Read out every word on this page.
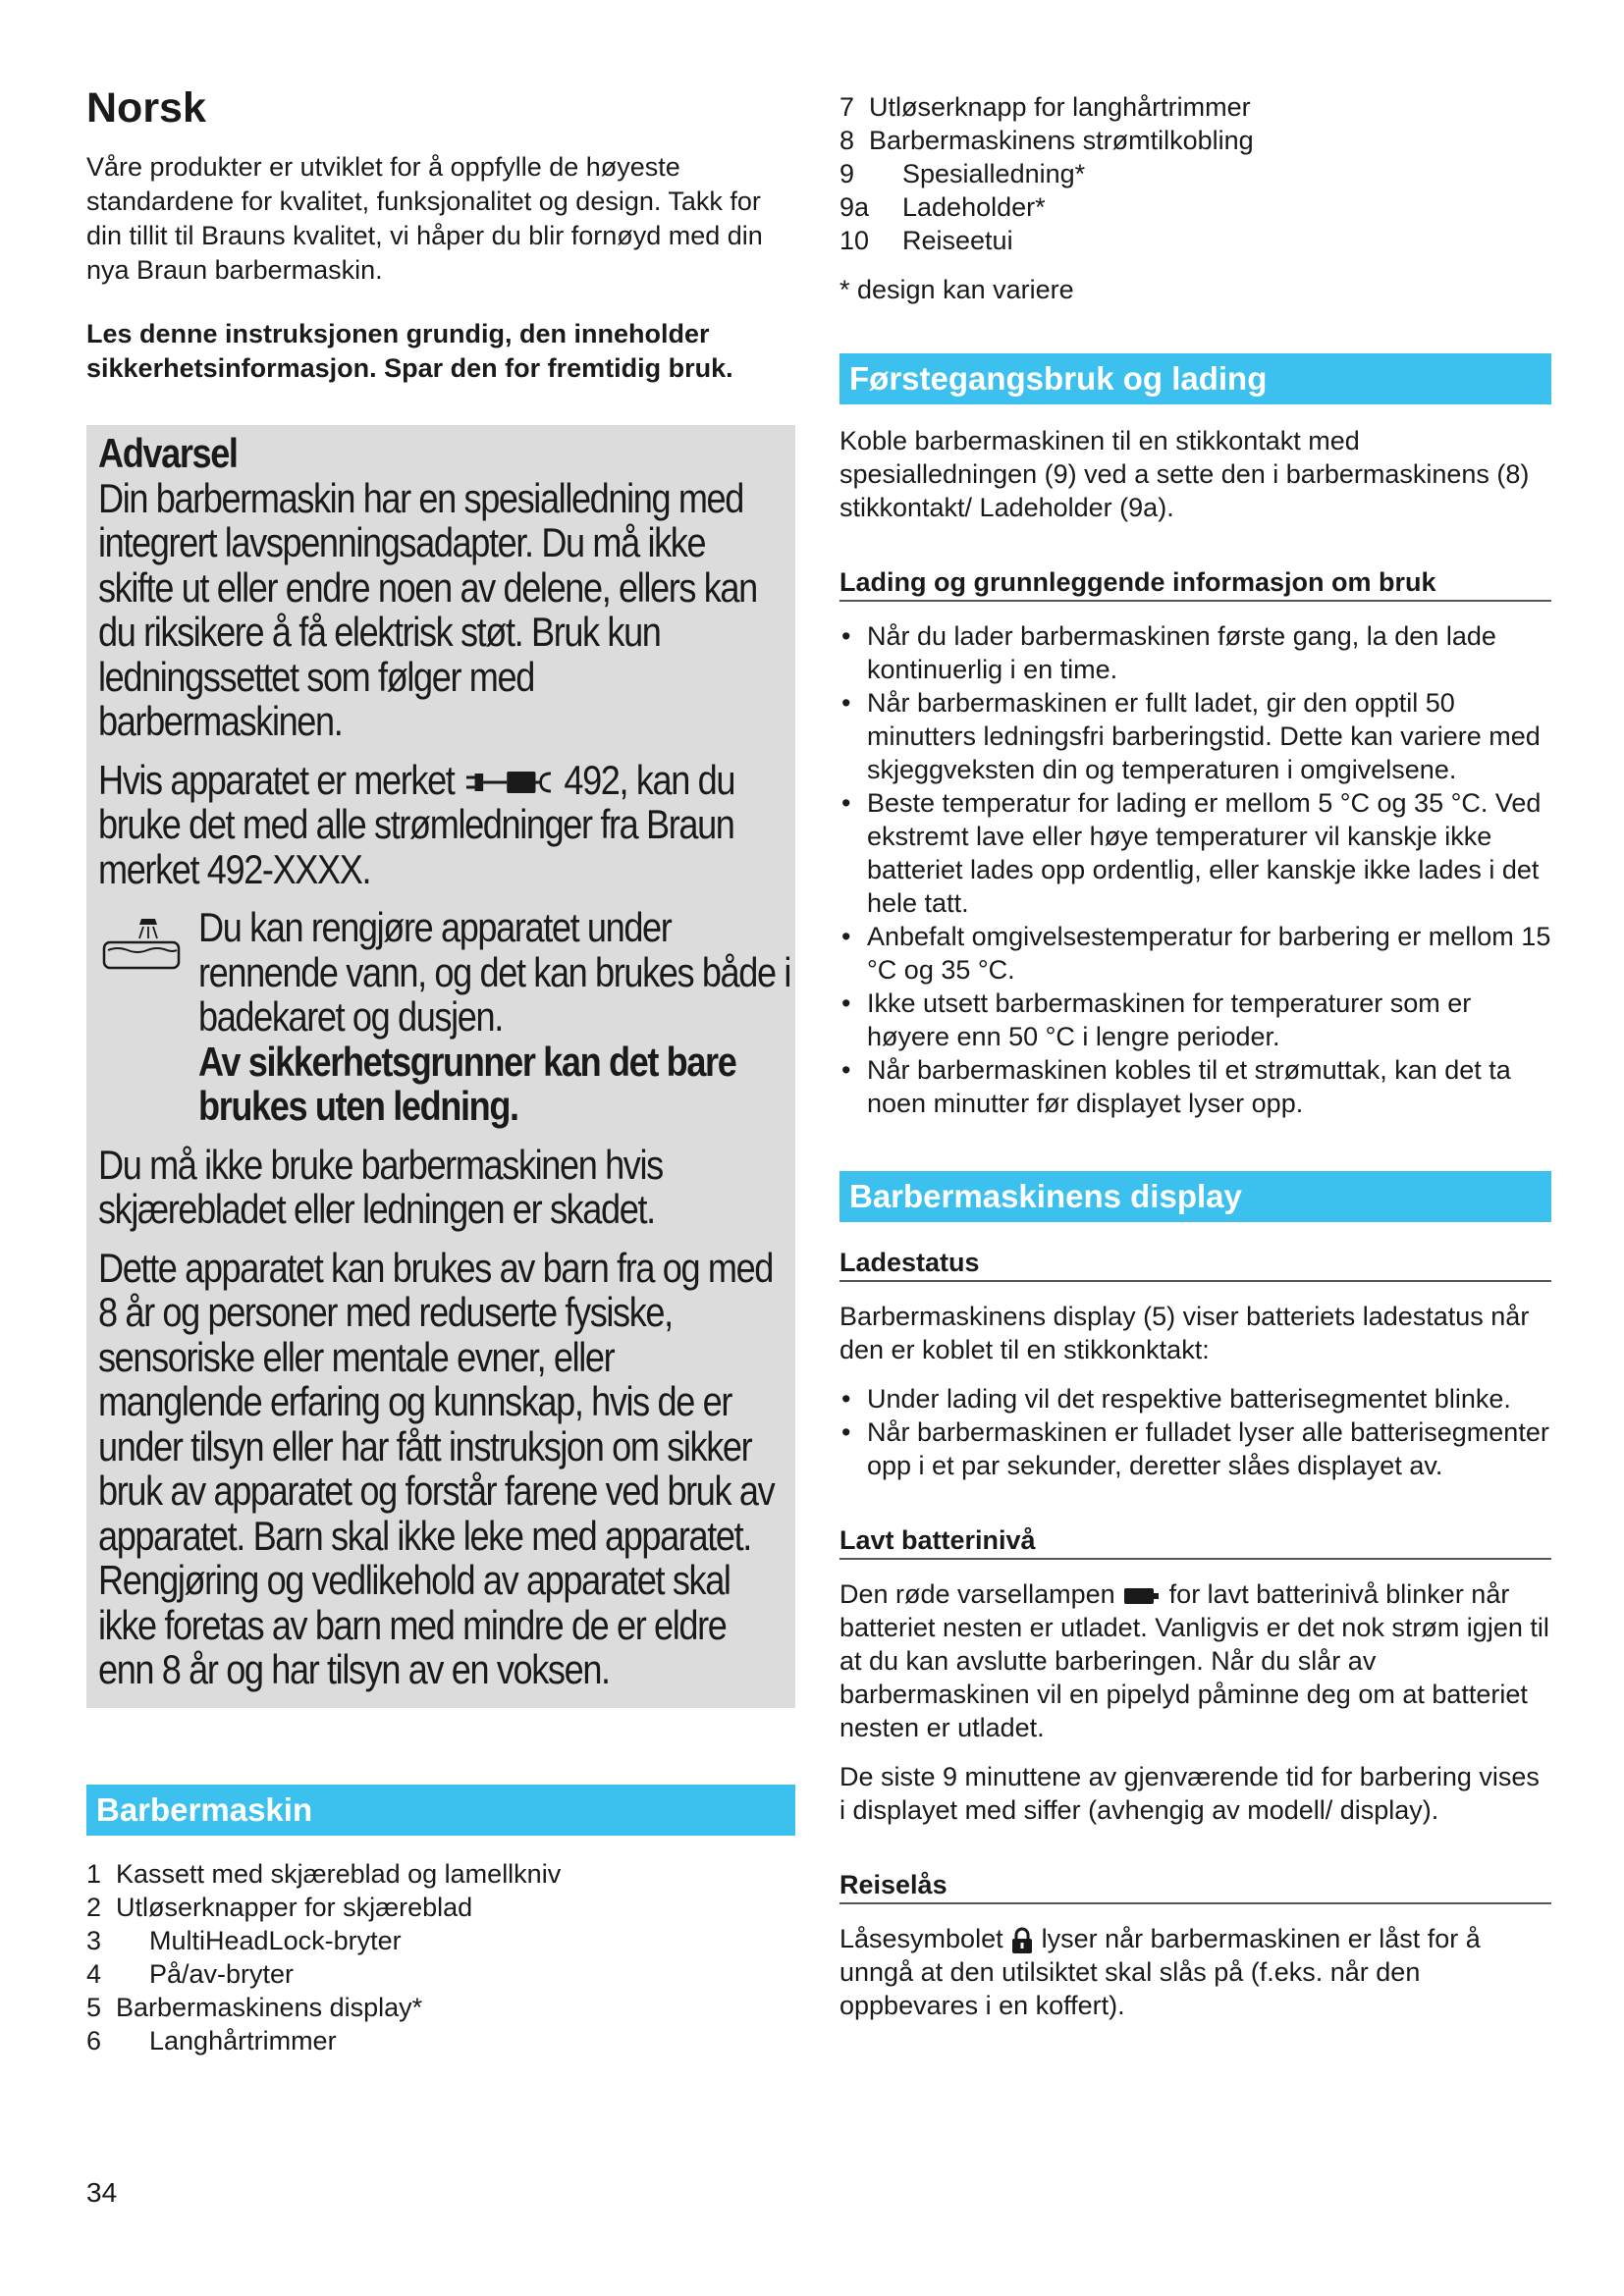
Norsk

Våre produkter er utviklet for å oppfylle de høyeste standardene for kvalitet, funksjonalitet og design. Takk for din tillit til Brauns kvalitet, vi håper du blir fornøyd med din nya Braun barbermaskin.

Les denne instruksjonen grundig, den inneholder sikkerhetsinformasjon. Spar den for fremtidig bruk.

Advarsel

Din barbermaskin har en spesialledning med integrert lavspenningsadapter. Du må ikke skifte ut eller endre noen av delene, ellers kan du riksikere å få elektrisk støt. Bruk kun ledningssettet som følger med barbermaskinen.

Hvis apparatet er merket	492, kan du bruke det med alle strømledninger fra Braun merket 492-XXXX.

Du kan rengjøre apparatet under rennende vann, og det kan brukes både i badekaret og dusjen.

Av sikkerhetsgrunner kan det bare brukes uten ledning.

Du må ikke bruke barbermaskinen hvis skjærebladet eller ledningen er skadet.

Dette apparatet kan brukes av barn fra og med 8 år og personer med reduserte fysiske, sensoriske eller mentale evner, eller manglende erfaring og kunnskap, hvis de er under tilsyn eller har fått instruksjon om sikker bruk av apparatet og forstår farene ved bruk av apparatet. Barn skal ikke leke med apparatet. Rengjøring og vedlikehold av apparatet skal ikke foretas av barn med mindre de er eldre enn 8 år og har tilsyn av en voksen.

Barbermaskin
1 Kassett med skjæreblad og lamellkniv
2 Utløserknapper for skjæreblad
3	MultiHeadLock-bryter
4	På/av-bryter
5 Barbermaskinens display*
6	Langhårtrimmer
34
7 Utløserknapp for langhårtrimmer
8 Barbermaskinens strømtilkobling
9	Spesialledning*
9a	Ladeholder*
10	Reiseetui

* design kan variere

Førstegangsbruk og lading

Koble barbermaskinen til en stikkontakt med spesialledningen (9) ved a sette den i barbermaskinens (8) stikkontakt/ Ladeholder (9a).

Lading og grunnleggende informasjon om bruk
• Når du lader barbermaskinen første gang, la den lade kontinuerlig i en time.
• Når barbermaskinen er fullt ladet, gir den opptil 50 minutters ledningsfri barberingstid. Dette kan variere med skjeggveksten din og temperaturen i omgivelsene.
• Beste temperatur for lading er mellom 5 °C og 35 °C. Ved ekstremt lave eller høye temperaturer vil kanskje ikke batteriet lades opp ordentlig, eller kanskje ikke lades i det hele tatt.
• Anbefalt omgivelsestemperatur for barbering er mellom 15 °C og 35 °C.
• Ikke utsett barbermaskinen for temperaturer som er høyere enn 50 °C i lengre perioder.
• Når barbermaskinen kobles til et strømuttak, kan det ta noen minutter før displayet lyser opp.
Barbermaskinens display
Ladestatus

Barbermaskinens display (5) viser batteriets ladestatus når den er koblet til en stikkonktakt:

• Under lading vil det respektive batterisegmentet blinke.
• Når barbermaskinen er fulladet lyser alle batterisegmenter opp i et par sekunder, deretter slåes displayet av.
Lavt batterinivå

Den røde varsellampen for lavt batterinivå blinker når batteriet nesten er utladet. Vanligvis er det nok strøm igjen til at du kan avslutte barberingen. Når du slår av barbermaskinen vil en pipelyd påminne deg om at batteriet nesten er utladet.

De siste 9 minuttene av gjenværende tid for barbering vises i displayet med siffer (avhengig av modell/ display).

Reiselås

Låsesymbolet lyser når barbermaskinen er låst for å unngå at den utilsiktet skal slås på (f.eks. når den oppbevares i en koffert).
